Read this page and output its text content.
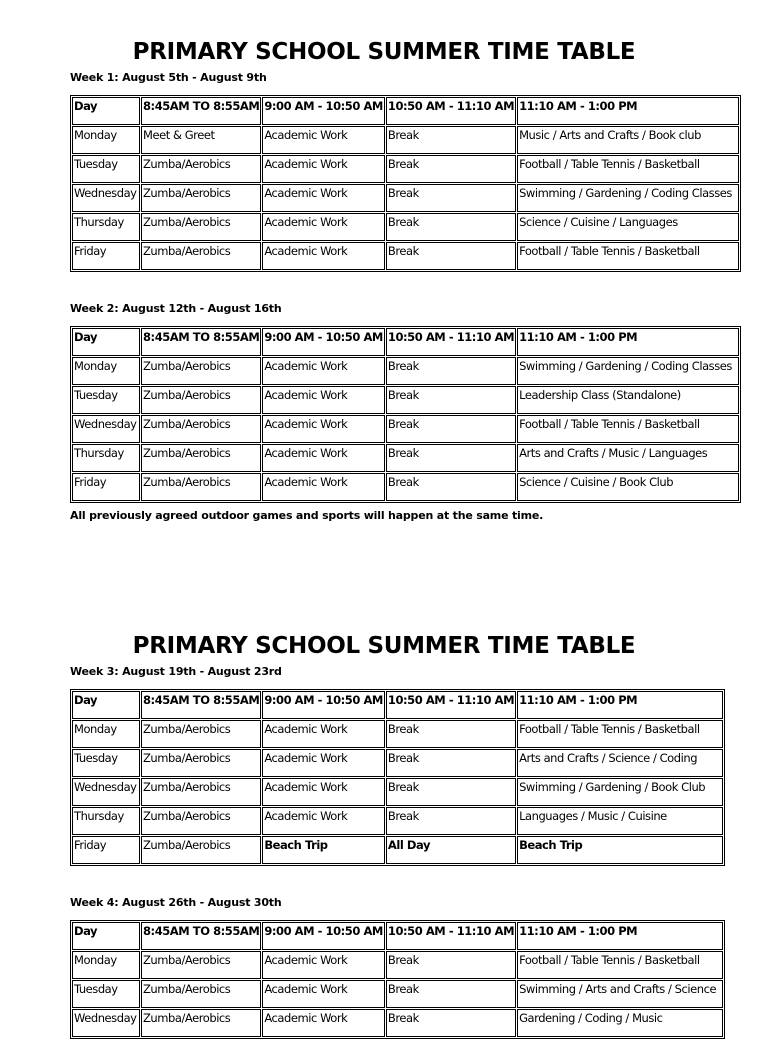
PRIMARY SCHOOL SUMMER TIME TABLE

Week 1: August 5th - August 9th

Day	8:45AM TO 8:55AM	9:00 AM - 10:50 AM	10:50 AM - 11:10 AM	11:10 AM - 1:00 PM
Monday	Meet & Greet	Academic Work	Break	Music / Arts and Crafts / Book club
Tuesday	Zumba/Aerobics	Academic Work	Break	Football / Table Tennis / Basketball
Wednesday	Zumba/Aerobics	Academic Work	Break	Swimming / Gardening / Coding Classes
Thursday	Zumba/Aerobics	Academic Work	Break	Science / Cuisine / Languages
Friday	Zumba/Aerobics	Academic Work	Break	Football / Table Tennis / Basketball

Week 2: August 12th - August 16th

Day	8:45AM TO 8:55AM	9:00 AM - 10:50 AM	10:50 AM - 11:10 AM	11:10 AM - 1:00 PM
Monday	Zumba/Aerobics	Academic Work	Break	Swimming / Gardening / Coding Classes
Tuesday	Zumba/Aerobics	Academic Work	Break	Leadership Class (Standalone)
Wednesday	Zumba/Aerobics	Academic Work	Break	Football / Table Tennis / Basketball
Thursday	Zumba/Aerobics	Academic Work	Break	Arts and Crafts / Music / Languages
Friday	Zumba/Aerobics	Academic Work	Break	Science / Cuisine / Book Club

All previously agreed outdoor games and sports will happen at the same time.

PRIMARY SCHOOL SUMMER TIME TABLE

Week 3: August 19th - August 23rd

Day	8:45AM TO 8:55AM	9:00 AM - 10:50 AM	10:50 AM - 11:10 AM	11:10 AM - 1:00 PM
Monday	Zumba/Aerobics	Academic Work	Break	Football / Table Tennis / Basketball
Tuesday	Zumba/Aerobics	Academic Work	Break	Arts and Crafts / Science / Coding
Wednesday	Zumba/Aerobics	Academic Work	Break	Swimming / Gardening / Book Club
Thursday	Zumba/Aerobics	Academic Work	Break	Languages / Music / Cuisine
Friday	Zumba/Aerobics	Beach Trip	All Day	Beach Trip

Week 4: August 26th - August 30th

Day	8:45AM TO 8:55AM	9:00 AM - 10:50 AM	10:50 AM - 11:10 AM	11:10 AM - 1:00 PM
Monday	Zumba/Aerobics	Academic Work	Break	Football / Table Tennis / Basketball
Tuesday	Zumba/Aerobics	Academic Work	Break	Swimming / Arts and Crafts / Science
Wednesday	Zumba/Aerobics	Academic Work	Break	Gardening / Coding / Music
